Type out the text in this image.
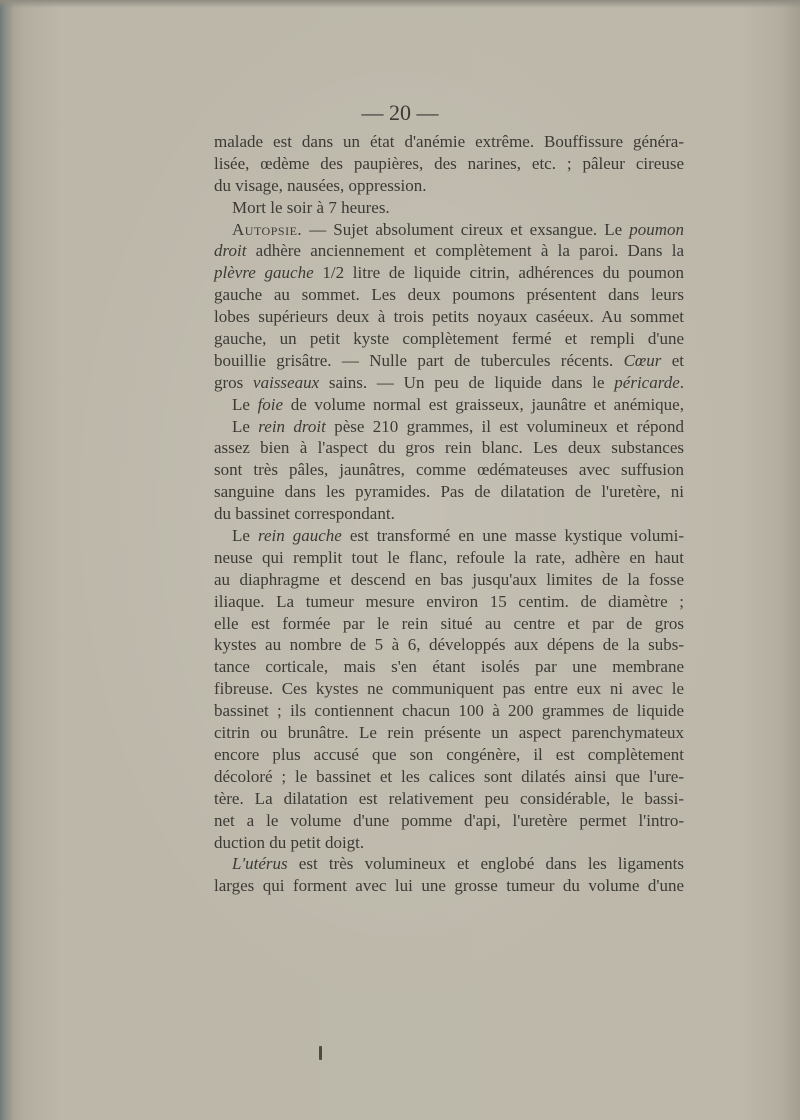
— 20 —
malade est dans un état d'anémie extrême. Bouffissure généra-
lisée, œdème des paupières, des narines, etc. ; pâleur cireuse
du visage, nausées, oppression.
Mort le soir à 7 heures.
Autopsie. — Sujet absolument cireux et exsangue. Le poumon
droit adhère anciennement et complètement à la paroi. Dans la
plèvre gauche 1/2 litre de liquide citrin, adhérences du poumon
gauche au sommet. Les deux poumons présentent dans leurs
lobes supérieurs deux à trois petits noyaux caséeux. Au sommet
gauche, un petit kyste complètement fermé et rempli d'une
bouillie grisâtre. — Nulle part de tubercules récents. Cœur et
gros vaisseaux sains. — Un peu de liquide dans le péricarde.
Le foie de volume normal est graisseux, jaunâtre et anémique,
Le rein droit pèse 210 grammes, il est volumineux et répond
assez bien à l'aspect du gros rein blanc. Les deux substances
sont très pâles, jaunâtres, comme œdémateuses avec suffusion
sanguine dans les pyramides. Pas de dilatation de l'uretère, ni
du bassinet correspondant.
Le rein gauche est transformé en une masse kystique volumi-
neuse qui remplit tout le flanc, refoule la rate, adhère en haut
au diaphragme et descend en bas jusqu'aux limites de la fosse
iliaque. La tumeur mesure environ 15 centim. de diamètre ;
elle est formée par le rein situé au centre et par de gros
kystes au nombre de 5 à 6, développés aux dépens de la subs-
tance corticale, mais s'en étant isolés par une membrane
fibreuse. Ces kystes ne communiquent pas entre eux ni avec le
bassinet ; ils contiennent chacun 100 à 200 grammes de liquide
citrin ou brunâtre. Le rein présente un aspect parenchymateux
encore plus accusé que son congénère, il est complètement
décoloré ; le bassinet et les calices sont dilatés ainsi que l'ure-
tère. La dilatation est relativement peu considérable, le bassi-
net a le volume d'une pomme d'api, l'uretère permet l'intro-
duction du petit doigt.
L'utérus est très volumineux et englobé dans les ligaments
larges qui forment avec lui une grosse tumeur du volume d'une
